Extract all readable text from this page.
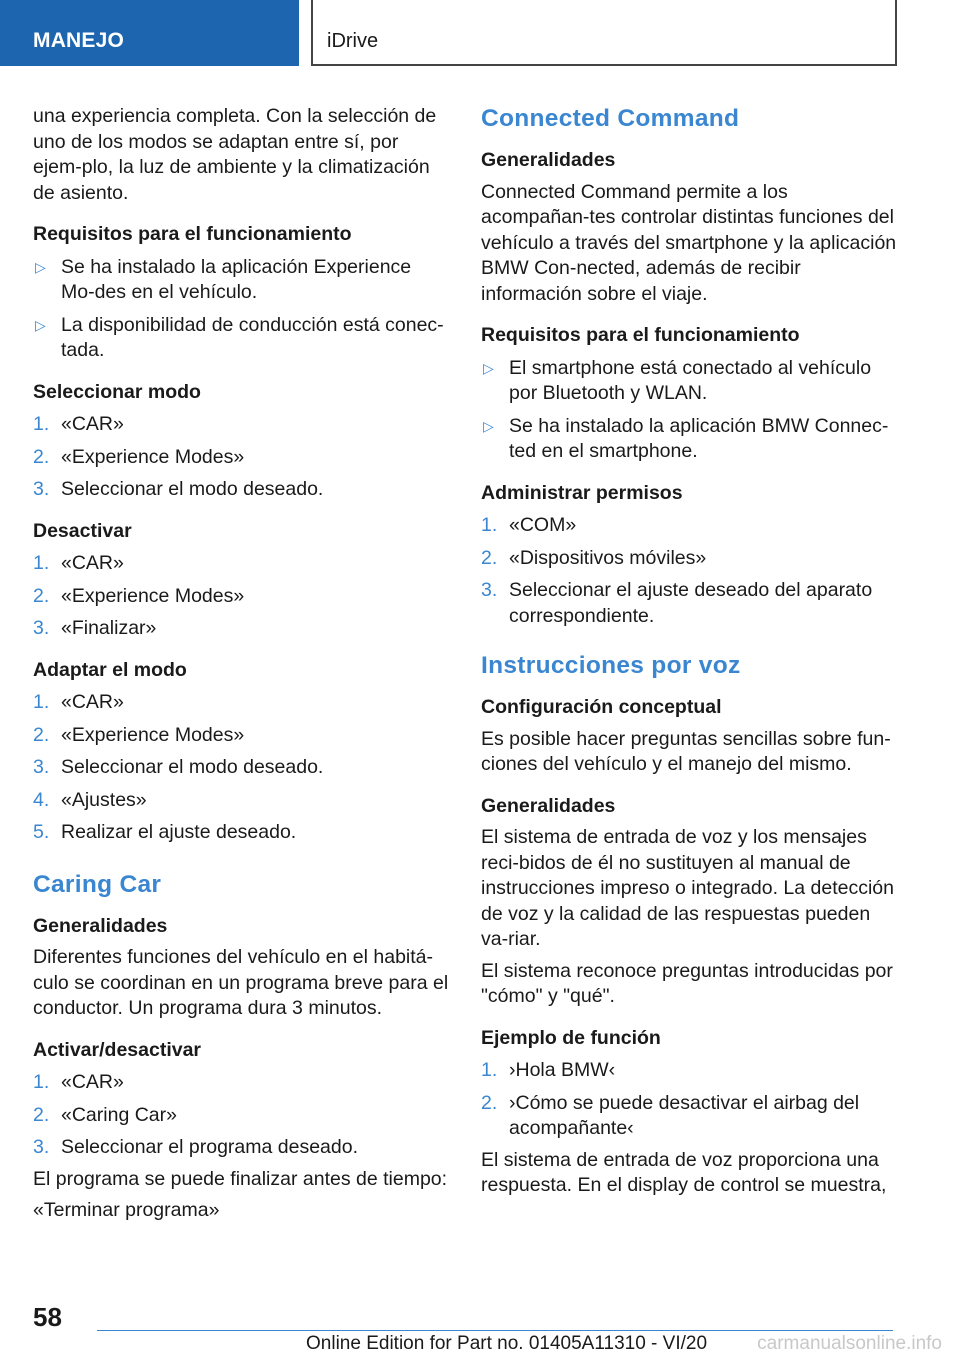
MANEJO	iDrive

una experiencia completa. Con la selección de uno de los modos se adaptan entre sí, por ejem-plo, la luz de ambiente y la climatización de asiento.

Requisitos para el funcionamiento

▷ Se ha instalado la aplicación Experience Mo-des en el vehículo.
▷ La disponibilidad de conducción está conec-tada.

Seleccionar modo

1. «CAR»
2. «Experience Modes»
3. Seleccionar el modo deseado.

Desactivar

1. «CAR»
2. «Experience Modes»
3. «Finalizar»

Adaptar el modo

1. «CAR»
2. «Experience Modes»
3. Seleccionar el modo deseado.
4. «Ajustes»
5. Realizar el ajuste deseado.

Caring Car

Generalidades

Diferentes funciones del vehículo en el habitá-culo se coordinan en un programa breve para el conductor. Un programa dura 3 minutos.

Activar/desactivar

1. «CAR»
2. «Caring Car»
3. Seleccionar el programa deseado.

El programa se puede finalizar antes de tiempo:

«Terminar programa»

Connected Command

Generalidades

Connected Command permite a los acompañan-tes controlar distintas funciones del vehículo a través del smartphone y la aplicación BMW Con-nected, además de recibir información sobre el viaje.

Requisitos para el funcionamiento

▷ El smartphone está conectado al vehículo por Bluetooth y WLAN.
▷ Se ha instalado la aplicación BMW Connec-ted en el smartphone.

Administrar permisos

1. «COM»
2. «Dispositivos móviles»
3. Seleccionar el ajuste deseado del aparato correspondiente.

Instrucciones por voz

Configuración conceptual

Es posible hacer preguntas sencillas sobre fun-ciones del vehículo y el manejo del mismo.

Generalidades

El sistema de entrada de voz y los mensajes reci-bidos de él no sustituyen al manual de instrucciones impreso o integrado. La detección de voz y la calidad de las respuestas pueden va-riar.

El sistema reconoce preguntas introducidas por "cómo" y "qué".

Ejemplo de función

1. ›Hola BMW‹
2. ›Cómo se puede desactivar el airbag del acompañante‹

El sistema de entrada de voz proporciona una respuesta. En el display de control se muestra,

58
Online Edition for Part no. 01405A11310 - VI/20	carmanualsonline.info
